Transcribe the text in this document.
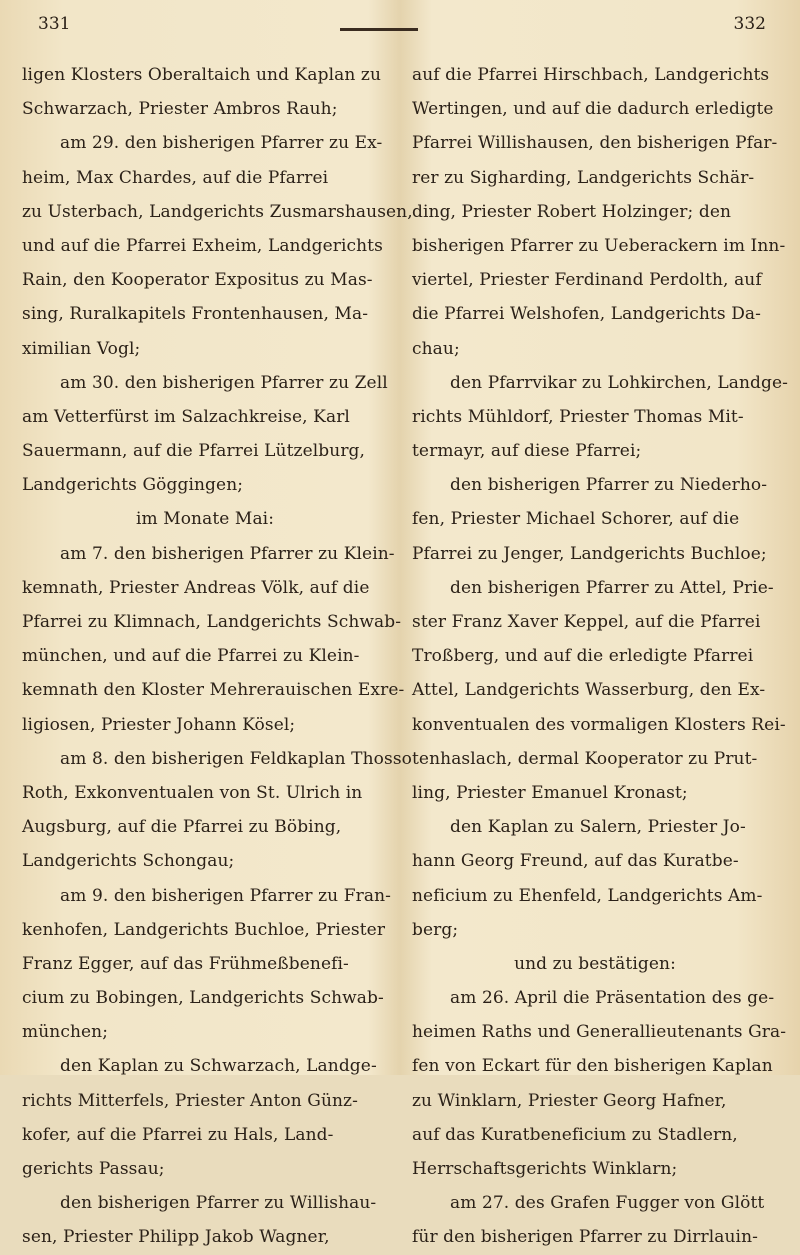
331	332
ligen Klosters Oberaltaich und Kaplan zu
Schwarzach, Priester Ambros Rauh;
am 29. den bisherigen Pfarrer zu Ex-
heim, Max Chardes, auf die Pfarrei
zu Usterbach, Landgerichts Zusmarshausen,
und auf die Pfarrei Exheim, Landgerichts
Rain, den Kooperator Expositus zu Mas-
sing, Ruralkapitels Frontenhausen, Ma-
ximilian Vogl;
am 30. den bisherigen Pfarrer zu Zell
am Vetterfürst im Salzachkreise, Karl
Sauermann, auf die Pfarrei Lützelburg,
Landgerichts Göggingen;
im Monate Mai:
am 7. den bisherigen Pfarrer zu Klein-
kemnath, Priester Andreas Völk, auf die
Pfarrei zu Klimnach, Landgerichts Schwab-
münchen, und auf die Pfarrei zu Klein-
kemnath den Kloster Mehrerauischen Exre-
ligiosen, Priester Johann Kösel;
am 8. den bisherigen Feldkaplan Thosso
Roth, Exkonventualen von St. Ulrich in
Augsburg, auf die Pfarrei zu Böbing,
Landgerichts Schongau;
am 9. den bisherigen Pfarrer zu Fran-
kenhofen, Landgerichts Buchloe, Priester
Franz Egger, auf das Frühmeßbenefi-
cium zu Bobingen, Landgerichts Schwab-
münchen;
den Kaplan zu Schwarzach, Landge-
richts Mitterfels, Priester Anton Günz-
kofer, auf die Pfarrei zu Hals, Land-
gerichts Passau;
den bisherigen Pfarrer zu Willishau-
sen, Priester Philipp Jakob Wagner,
auf die Pfarrei Hirschbach, Landgerichts
Wertingen, und auf die dadurch erledigte
Pfarrei Willishausen, den bisherigen Pfar-
rer zu Sigharding, Landgerichts Schär-
ding, Priester Robert Holzinger; den
bisherigen Pfarrer zu Ueberackern im Inn-
viertel, Priester Ferdinand Perdolth, auf
die Pfarrei Welshofen, Landgerichts Da-
chau;
den Pfarrvikar zu Lohkirchen, Landge-
richts Mühldorf, Priester Thomas Mit-
termayr, auf diese Pfarrei;
den bisherigen Pfarrer zu Niederho-
fen, Priester Michael Schorer, auf die
Pfarrei zu Jenger, Landgerichts Buchloe;
den bisherigen Pfarrer zu Attel, Prie-
ster Franz Xaver Keppel, auf die Pfarrei
Troßberg, und auf die erledigte Pfarrei
Attel, Landgerichts Wasserburg, den Ex-
konventualen des vormaligen Klosters Rei-
tenhaslach, dermal Kooperator zu Prut-
ling, Priester Emanuel Kronast;
den Kaplan zu Salern, Priester Jo-
hann Georg Freund, auf das Kuratbe-
neficium zu Ehenfeld, Landgerichts Am-
berg;
und zu bestätigen:
am 26. April die Präsentation des ge-
heimen Raths und Generallieutenants Gra-
fen von Eckart für den bisherigen Kaplan
zu Winklarn, Priester Georg Hafner,
auf das Kuratbeneficium zu Stadlern,
Herrschaftsgerichts Winklarn;
am 27. des Grafen Fugger von Glött
für den bisherigen Pfarrer zu Dirrlauin-
